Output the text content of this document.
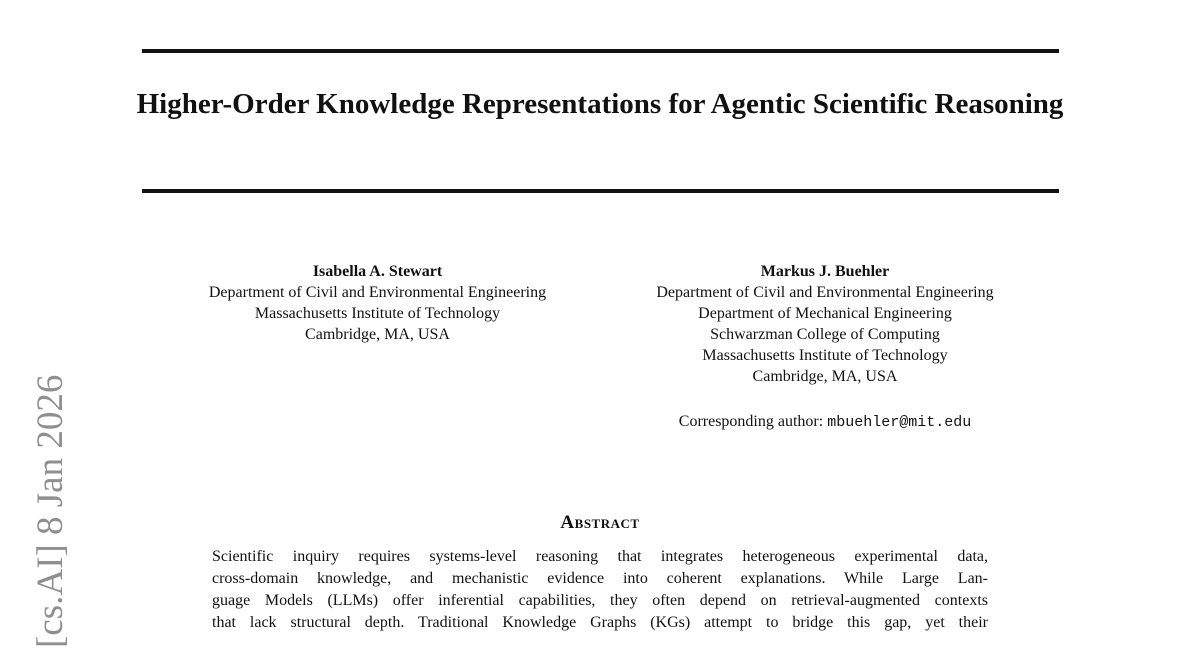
Higher-Order Knowledge Representations for Agentic Scientific Reasoning
Isabella A. Stewart
Department of Civil and Environmental Engineering
Massachusetts Institute of Technology
Cambridge, MA, USA
Markus J. Buehler
Department of Civil and Environmental Engineering
Department of Mechanical Engineering
Schwarzman College of Computing
Massachusetts Institute of Technology
Cambridge, MA, USA
Corresponding author: mbuehler@mit.edu
Abstract
Scientific inquiry requires systems-level reasoning that integrates heterogeneous experimental data,
cross-domain knowledge, and mechanistic evidence into coherent explanations. While Large Lan-
guage Models (LLMs) offer inferential capabilities, they often depend on retrieval-augmented contexts
that lack structural depth. Traditional Knowledge Graphs (KGs) attempt to bridge this gap, yet their
[cs.AI] 8 Jan 2026
